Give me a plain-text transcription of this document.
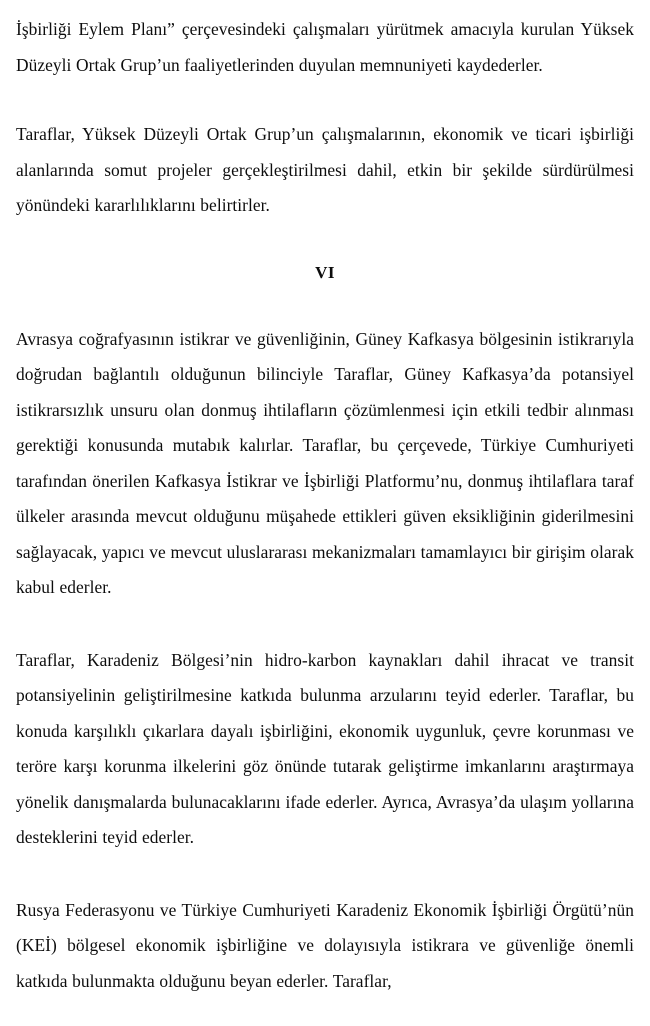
İşbirliği Eylem Planı” çerçevesindeki çalışmaları yürütmek amacıyla kurulan Yüksek Düzeyli Ortak Grup’un faaliyetlerinden duyulan memnuniyeti kaydederler.

Taraflar, Yüksek Düzeyli Ortak Grup’un çalışmalarının, ekonomik ve ticari işbirliği alanlarında somut projeler gerçekleştirilmesi dahil, etkin bir şekilde sürdürülmesi yönündeki kararlılıklarını belirtirler.

VI

Avrasya coğrafyasının istikrar ve güvenliğinin, Güney Kafkasya bölgesinin istikrarıyla doğrudan bağlantılı olduğunun bilinciyle Taraflar, Güney Kafkasya’da potansiyel istikrarsızlık unsuru olan donmuş ihtilafların çözümlenmesi için etkili tedbir alınması gerektiği konusunda mutabık kalırlar. Taraflar, bu çerçevede, Türkiye Cumhuriyeti tarafından önerilen Kafkasya İstikrar ve İşbirliği Platformu’nu, donmuş ihtilaflara taraf ülkeler arasında mevcut olduğunu müşahede ettikleri güven eksikliğinin giderilmesini sağlayacak, yapıcı ve mevcut uluslararası mekanizmaları tamamlayıcı bir girişim olarak kabul ederler.

Taraflar, Karadeniz Bölgesi’nin hidro-karbon kaynakları dahil ihracat ve transit potansiyelinin geliştirilmesine katkıda bulunma arzularını teyid ederler. Taraflar, bu konuda karşılıklı çıkarlara dayalı işbirliğini, ekonomik uygunluk, çevre korunması ve teröre karşı korunma ilkelerini göz önünde tutarak geliştirme imkanlarını araştırmaya yönelik danışmalarda bulunacaklarını ifade ederler. Ayrıca, Avrasya’da ulaşım yollarına desteklerini teyid ederler.

Rusya Federasyonu ve Türkiye Cumhuriyeti Karadeniz Ekonomik İşbirliği Örgütü’nün (KEİ) bölgesel ekonomik işbirliğine ve dolayısıyla istikrara ve güvenliğe önemli katkıda bulunmakta olduğunu beyan ederler. Taraflar,
